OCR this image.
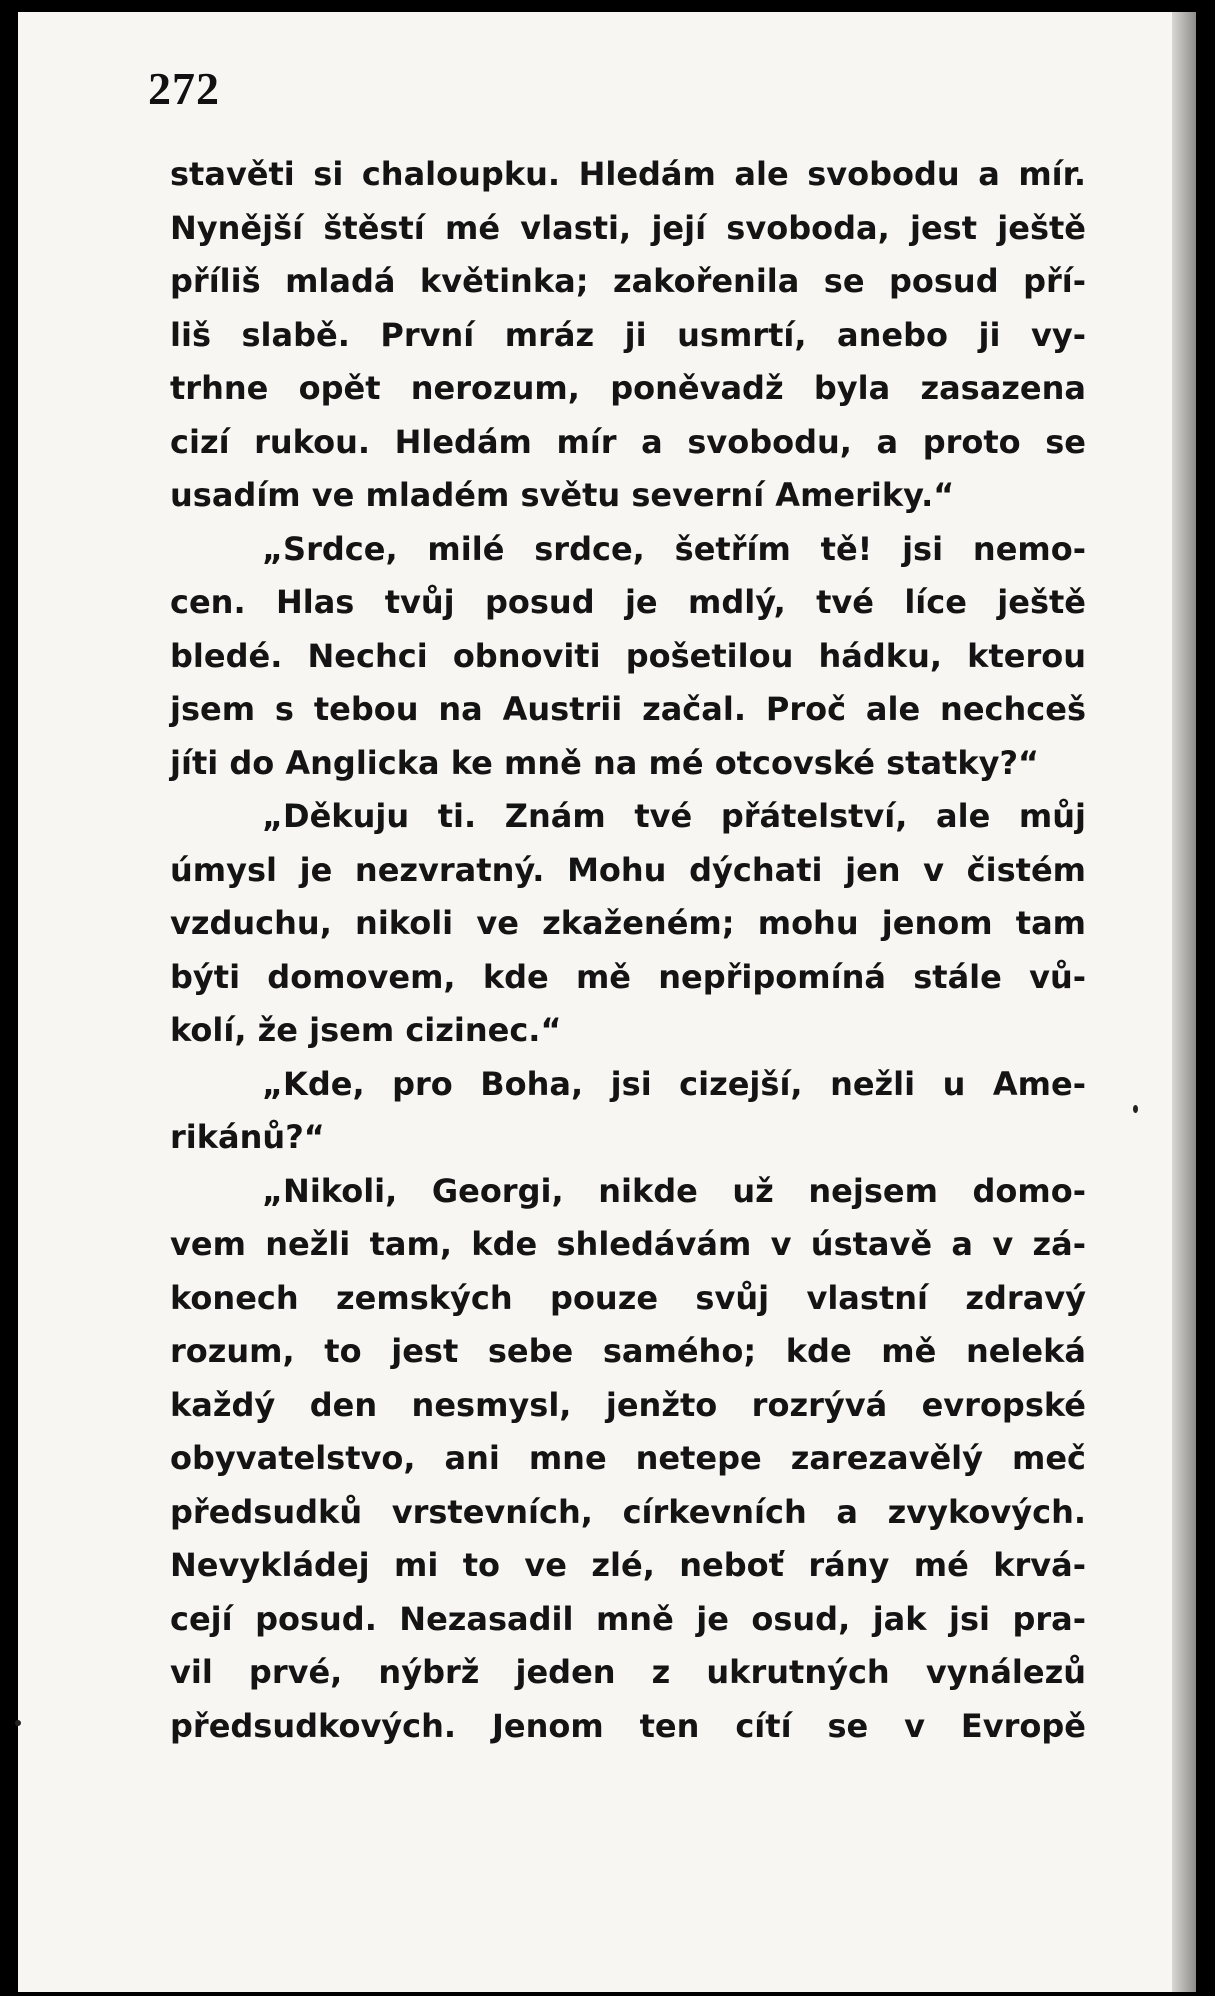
272
stavěti si chaloupku. Hledám ale svobodu a mír.
Nynější štěstí mé vlasti, její svoboda, jest ještě
příliš mladá květinka; zakořenila se posud pří-
liš slabě. První mráz ji usmrtí, anebo ji vy-
trhne opět nerozum, poněvadž byla zasazena
cizí rukou. Hledám mír a svobodu, a proto se
usadím ve mladém světu severní Ameriky.“
„Srdce, milé srdce, šetřím tě! jsi nemo-
cen. Hlas tvůj posud je mdlý, tvé líce ještě
bledé. Nechci obnoviti pošetilou hádku, kterou
jsem s tebou na Austrii začal. Proč ale nechceš
jíti do Anglicka ke mně na mé otcovské statky?“
„Děkuju ti. Znám tvé přátelství, ale můj
úmysl je nezvratný. Mohu dýchati jen v čistém
vzduchu, nikoli ve zkaženém; mohu jenom tam
býti domovem, kde mě nepřipomíná stále vů-
kolí, že jsem cizinec.“
„Kde, pro Boha, jsi cizejší, nežli u Ame-
rikánů?“
„Nikoli, Georgi, nikde už nejsem domo-
vem nežli tam, kde shledávám v ústavě a v zá-
konech zemských pouze svůj vlastní zdravý
rozum, to jest sebe samého; kde mě neleká
každý den nesmysl, jenžto rozrývá evropské
obyvatelstvo, ani mne netepe zarezavělý meč
předsudků vrstevních, církevních a zvykových.
Nevykládej mi to ve zlé, neboť rány mé krvá-
cejí posud. Nezasadil mně je osud, jak jsi pra-
vil prvé, nýbrž jeden z ukrutných vynálezů
předsudkových. Jenom ten cítí se v Evropě
